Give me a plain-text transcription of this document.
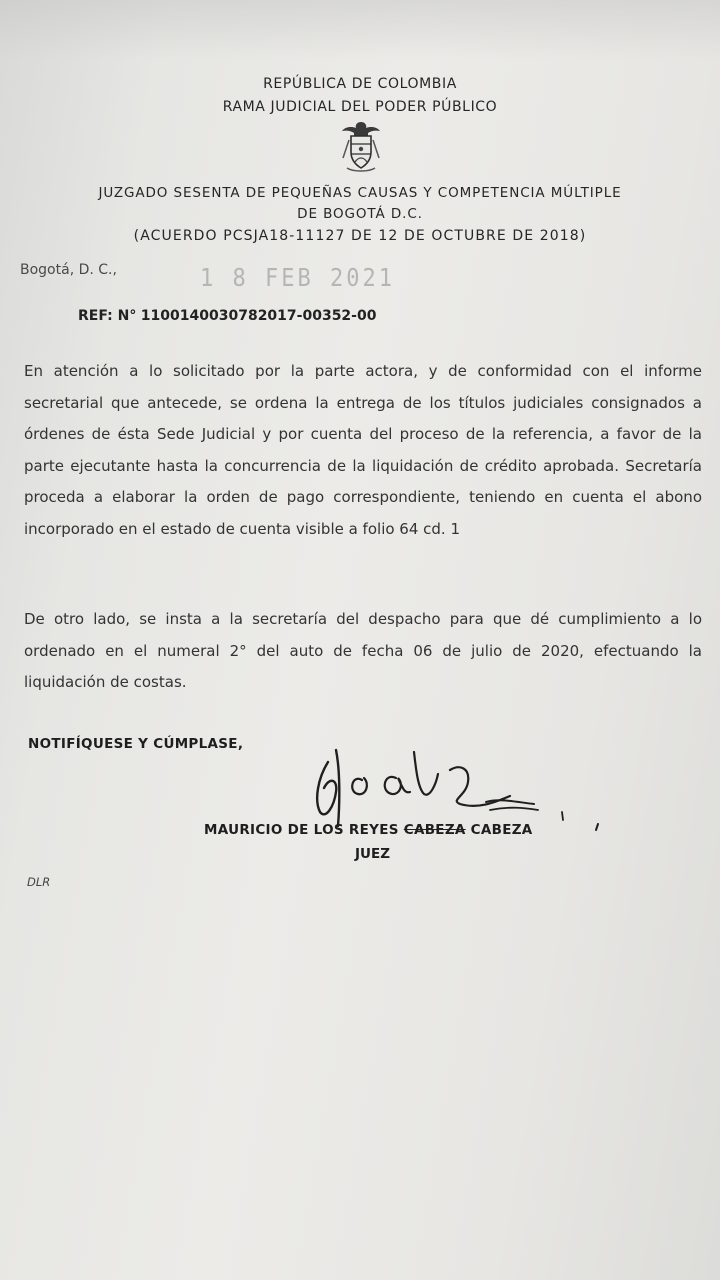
REPÚBLICA DE COLOMBIA
RAMA JUDICIAL DEL PODER PÚBLICO
JUZGADO SESENTA DE PEQUEÑAS CAUSAS Y COMPETENCIA MÚLTIPLE
DE BOGOTÁ D.C.
(ACUERDO PCSJA18-11127 DE 12 DE OCTUBRE DE 2018)
Bogotá, D. C.,	1 8 FEB 2021
REF: N° 1100140030782017-00352-00
En atención a lo solicitado por la parte actora, y de conformidad con el informe secretarial que antecede, se ordena la entrega de los títulos judiciales consignados a órdenes de ésta Sede Judicial y por cuenta del proceso de la referencia, a favor de la parte ejecutante hasta la concurrencia de la liquidación de crédito aprobada. Secretaría proceda a elaborar la orden de pago correspondiente, teniendo en cuenta el abono incorporado en el estado de cuenta visible a folio 64 cd. 1
De otro lado, se insta a la secretaría del despacho para que dé cumplimiento a lo ordenado en el numeral 2° del auto de fecha 06 de julio de 2020, efectuando la liquidación de costas.
NOTIFÍQUESE Y CÚMPLASE,
MAURICIO DE LOS REYES CABEZA CABEZA
JUEZ
DLR
